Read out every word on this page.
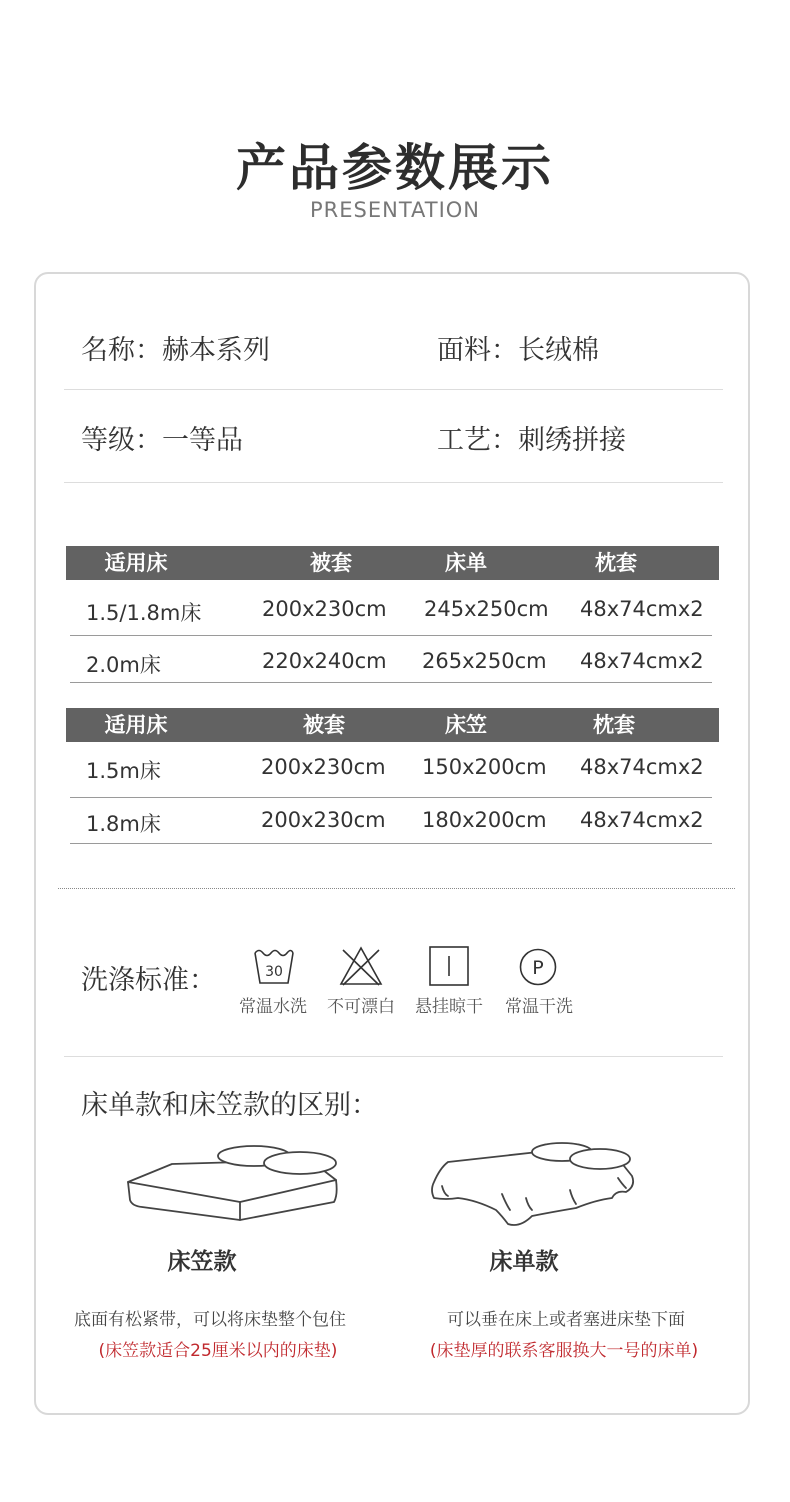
产品参数展示
PRESENTATION
名称：赫本系列	面料：长绒棉
等级：一等品	工艺：刺绣拼接
适用床	被套	床单	枕套
1.5/1.8m床	200x230cm 245x250cm 48x74cmx2
2.0m床	220x240cm 265x250cm 48x74cmx2
适用床	被套	床笠	枕套
1.5m床	200x230cm 150x200cm 48x74cmx2
1.8m床	200x230cm 180x200cm 48x74cmx2
洗涤标准：	30	P
常温水洗 不可漂白 悬挂晾干 常温干洗
床单款和床笠款的区别：
床笠款	床单款
底面有松紧带，可以将床垫整个包住	可以垂在床上或者塞进床垫下面
(床笠款适合25厘米以内的床垫)	(床垫厚的联系客服换大一号的床单)
